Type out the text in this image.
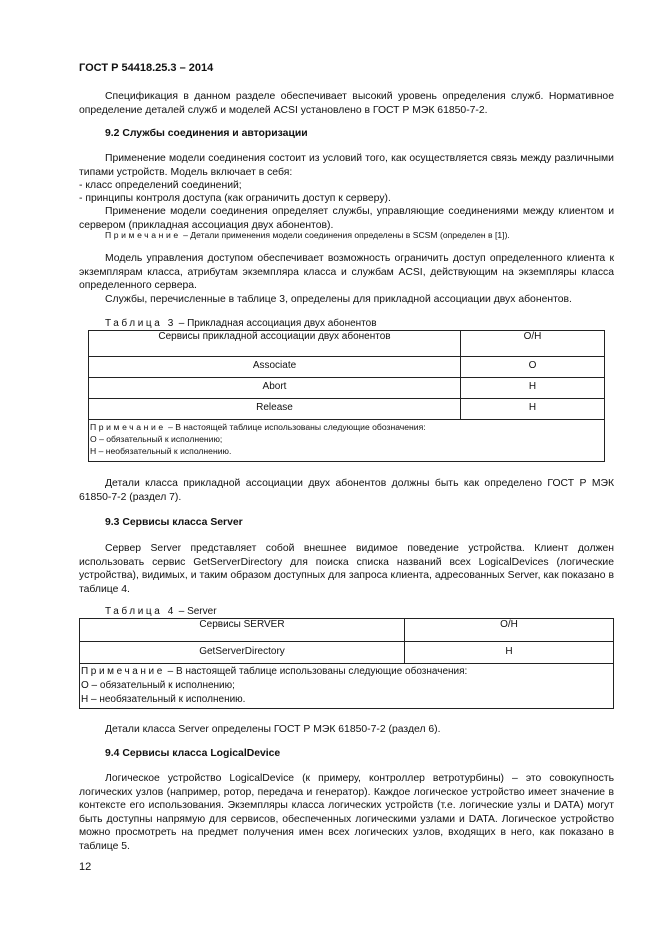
ГОСТ Р 54418.25.3 – 2014

Спецификация в данном разделе обеспечивает высокий уровень определения служб. Нормативное определение деталей служб и моделей ACSI установлено в ГОСТ Р МЭК 61850-7-2.

9.2 Службы соединения и авторизации

Применение модели соединения состоит из условий того, как осуществляется связь между различными типами устройств. Модель включает в себя:

- класс определений соединений;
- принципы контроля доступа (как ограничить доступ к серверу).

Применение модели соединения определяет службы, управляющие соединениями между клиентом и сервером (прикладная ассоциация двух абонентов).

Примечание – Детали применения модели соединения определены в SCSM (определен в [1]).

Модель управления доступом обеспечивает возможность ограничить доступ определенного клиента к экземплярам класса, атрибутам экземпляра класса и службам ACSI, действующим на экземпляры класса определенного сервера.

Службы, перечисленные в таблице 3, определены для прикладной ассоциации двух абонентов.

Таблица 3 – Прикладная ассоциация двух абонентов
Сервисы прикладной ассоциации двух абонентов	О/Н
Associate	О
Abort	Н
Release	Н

Примечание – В настоящей таблице использованы следующие обозначения:
О – обязательный к исполнению;
Н – необязательный к исполнению.	

Детали класса прикладной ассоциации двух абонентов должны быть как определено ГОСТ Р МЭК 61850-7-2 (раздел 7).

9.3 Сервисы класса Server

Сервер Server представляет собой внешнее видимое поведение устройства. Клиент должен использовать сервис GetServerDirectory для поиска списка названий всех LogicalDevices (логические устройства), видимых, и таким образом доступных для запроса клиента, адресованных Server, как показано в таблице 4.

Таблица 4 – Server
Сервисы SERVER	О/Н
GetServerDirectory	Н

Примечание – В настоящей таблице использованы следующие обозначения:
О – обязательный к исполнению;
Н – необязательный к исполнению.	

Детали класса Server определены ГОСТ Р МЭК 61850-7-2 (раздел 6).

9.4 Сервисы класса LogicalDevice

Логическое устройство LogicalDevice (к примеру, контроллер ветротурбины) – это совокупность логических узлов (например, ротор, передача и генератор). Каждое логическое устройство имеет значение в контексте его использования. Экземпляры класса логических устройств (т.е. логические узлы и DATA) могут быть доступны напрямую для сервисов, обеспеченных логическими узлами и DATA. Логическое устройство можно просмотреть на предмет получения имен всех логических узлов, входящих в него, как показано в таблице 5.

12
